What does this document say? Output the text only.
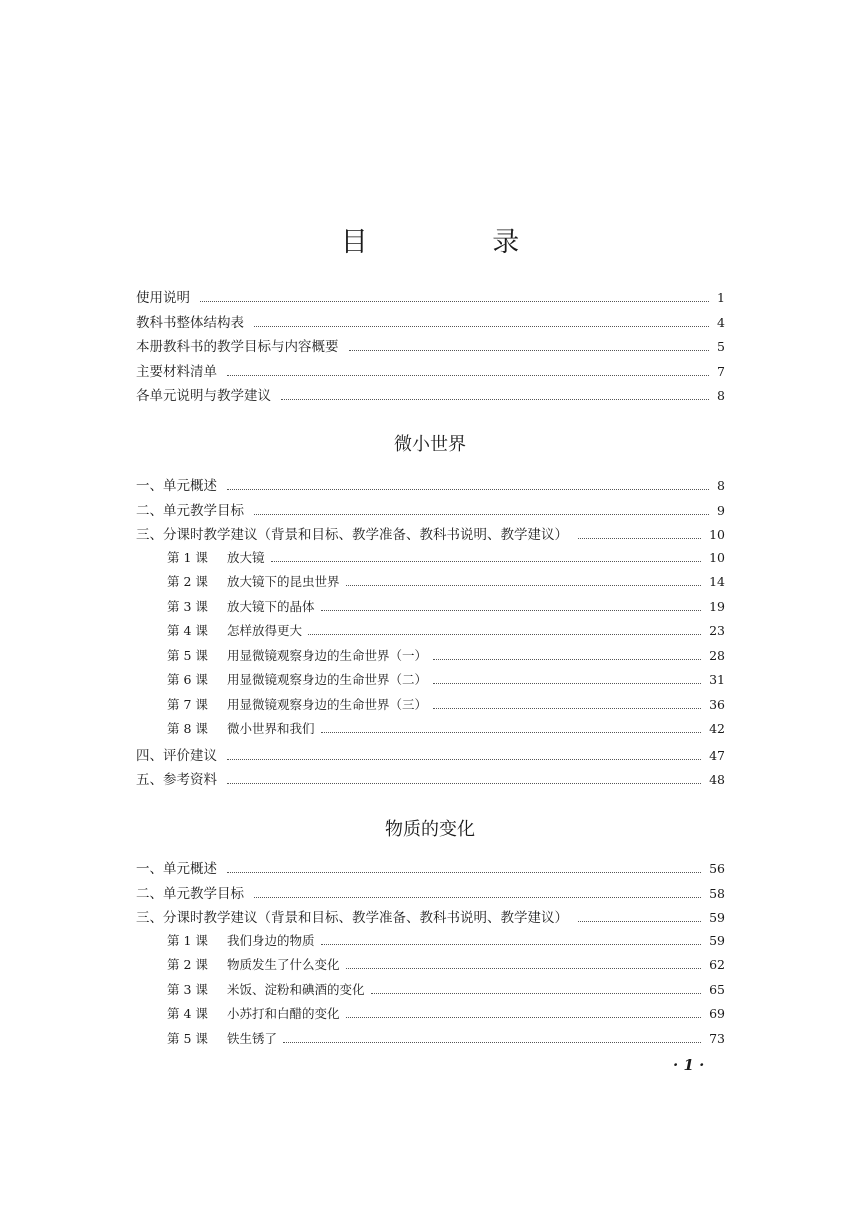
目 录
使用说明	1
教科书整体结构表	4
本册教科书的教学目标与内容概要	5
主要材料清单	7
各单元说明与教学建议	8
微小世界
一、单元概述	8
二、单元教学目标	9
三、分课时教学建议（背景和目标、教学准备、教科书说明、教学建议）	10
第 1 课 放大镜	10
第 2 课 放大镜下的昆虫世界	14
第 3 课 放大镜下的晶体	19
第 4 课 怎样放得更大	23
第 5 课 用显微镜观察身边的生命世界（一）	28
第 6 课 用显微镜观察身边的生命世界（二）	31
第 7 课 用显微镜观察身边的生命世界（三）	36
第 8 课 微小世界和我们	42
四、评价建议	47
五、参考资料	48
物质的变化
一、单元概述	56
二、单元教学目标	58
三、分课时教学建议（背景和目标、教学准备、教科书说明、教学建议）	59
第 1 课 我们身边的物质	59
第 2 课 物质发生了什么变化	62
第 3 课 米饭、淀粉和碘酒的变化	65
第 4 课 小苏打和白醋的变化	69
第 5 课 铁生锈了	73
· 1 ·
